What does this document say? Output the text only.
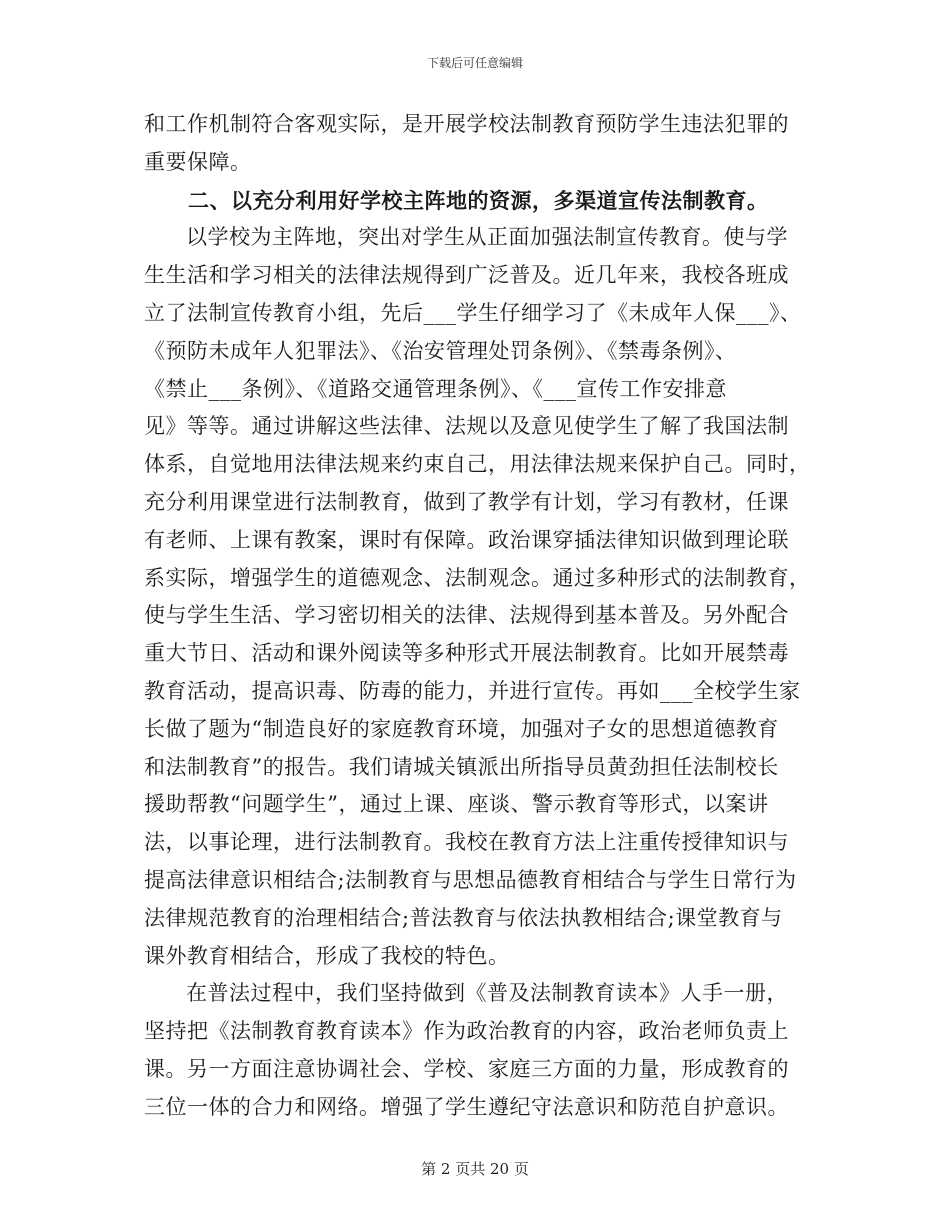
下载后可任意编辑
和工作机制符合客观实际，是开展学校法制教育预防学生违法犯罪的
重要保障。
二、以充分利用好学校主阵地的资源，多渠道宣传法制教育。
以学校为主阵地，突出对学生从正面加强法制宣传教育。使与学
生生活和学习相关的法律法规得到广泛普及。近几年来，我校各班成
立了法制宣传教育小组，先后___学生仔细学习了《未成年人保___》、
《预防未成年人犯罪法》、《治安管理处罚条例》、《禁毒条例》、
《禁止___条例》、《道路交通管理条例》、《___宣传工作安排意
见》等等。通过讲解这些法律、法规以及意见使学生了解了我国法制
体系，自觉地用法律法规来约束自己，用法律法规来保护自己。同时，
充分利用课堂进行法制教育，做到了教学有计划，学习有教材，任课
有老师、上课有教案，课时有保障。政治课穿插法律知识做到理论联
系实际，增强学生的道德观念、法制观念。通过多种形式的法制教育，
使与学生生活、学习密切相关的法律、法规得到基本普及。另外配合
重大节日、活动和课外阅读等多种形式开展法制教育。比如开展禁毒
教育活动，提高识毒、防毒的能力，并进行宣传。再如___全校学生家
长做了题为“制造良好的家庭教育环境，加强对子女的思想道德教育
和法制教育”的报告。我们请城关镇派出所指导员黄劲担任法制校长
援助帮教“问题学生”，通过上课、座谈、警示教育等形式，以案讲
法，以事论理，进行法制教育。我校在教育方法上注重传授律知识与
提高法律意识相结合;法制教育与思想品德教育相结合与学生日常行为
法律规范教育的治理相结合;普法教育与依法执教相结合;课堂教育与
课外教育相结合，形成了我校的特色。
在普法过程中，我们坚持做到《普及法制教育读本》人手一册，
坚持把《法制教育教育读本》作为政治教育的内容，政治老师负责上
课。另一方面注意协调社会、学校、家庭三方面的力量，形成教育的
三位一体的合力和网络。增强了学生遵纪守法意识和防范自护意识。
第 2 页共 20 页
